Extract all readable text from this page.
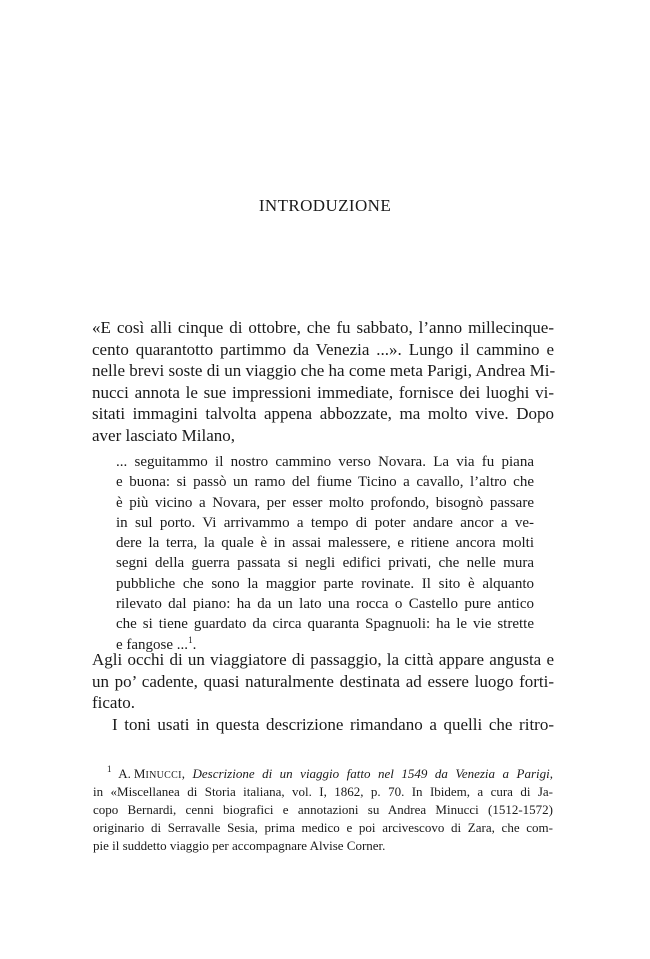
INTRODUZIONE
«E così alli cinque di ottobre, che fu sabbato, l’anno millecinque-
cento quarantotto partimmo da Venezia ...». Lungo il cammino e
nelle brevi soste di un viaggio che ha come meta Parigi, Andrea Mi-
nucci annota le sue impressioni immediate, fornisce dei luoghi vi-
sitati immagini talvolta appena abbozzate, ma molto vive. Dopo
aver lasciato Milano,
... seguitammo il nostro cammino verso Novara. La via fu piana
e buona: si passò un ramo del fiume Ticino a cavallo, l’altro che
è più vicino a Novara, per esser molto profondo, bisognò passare
in sul porto. Vi arrivammo a tempo di poter andare ancor a ve-
dere la terra, la quale è in assai malessere, e ritiene ancora molti
segni della guerra passata si negli edifici privati, che nelle mura
pubbliche che sono la maggior parte rovinate. Il sito è alquanto
rilevato dal piano: ha da un lato una rocca o Castello pure antico
che si tiene guardato da circa quaranta Spagnuoli: ha le vie strette
e fangose ...$^1$.
Agli occhi di un viaggiatore di passaggio, la città appare angusta e
un po’ cadente, quasi naturalmente destinata ad essere luogo forti-
ficato.
I toni usati in questa descrizione rimandano a quelli che ritro-
$^1$ A. MINUCCI, Descrizione di un viaggio fatto nel 1549 da Venezia a Parigi,
in «Miscellanea di Storia italiana, vol. I, 1862, p. 70. In Ibidem, a cura di Ja-
copo Bernardi, cenni biografici e annotazioni su Andrea Minucci (1512-1572)
originario di Serravalle Sesia, prima medico e poi arcivescovo di Zara, che com-
pie il suddetto viaggio per accompagnare Alvise Corner.
